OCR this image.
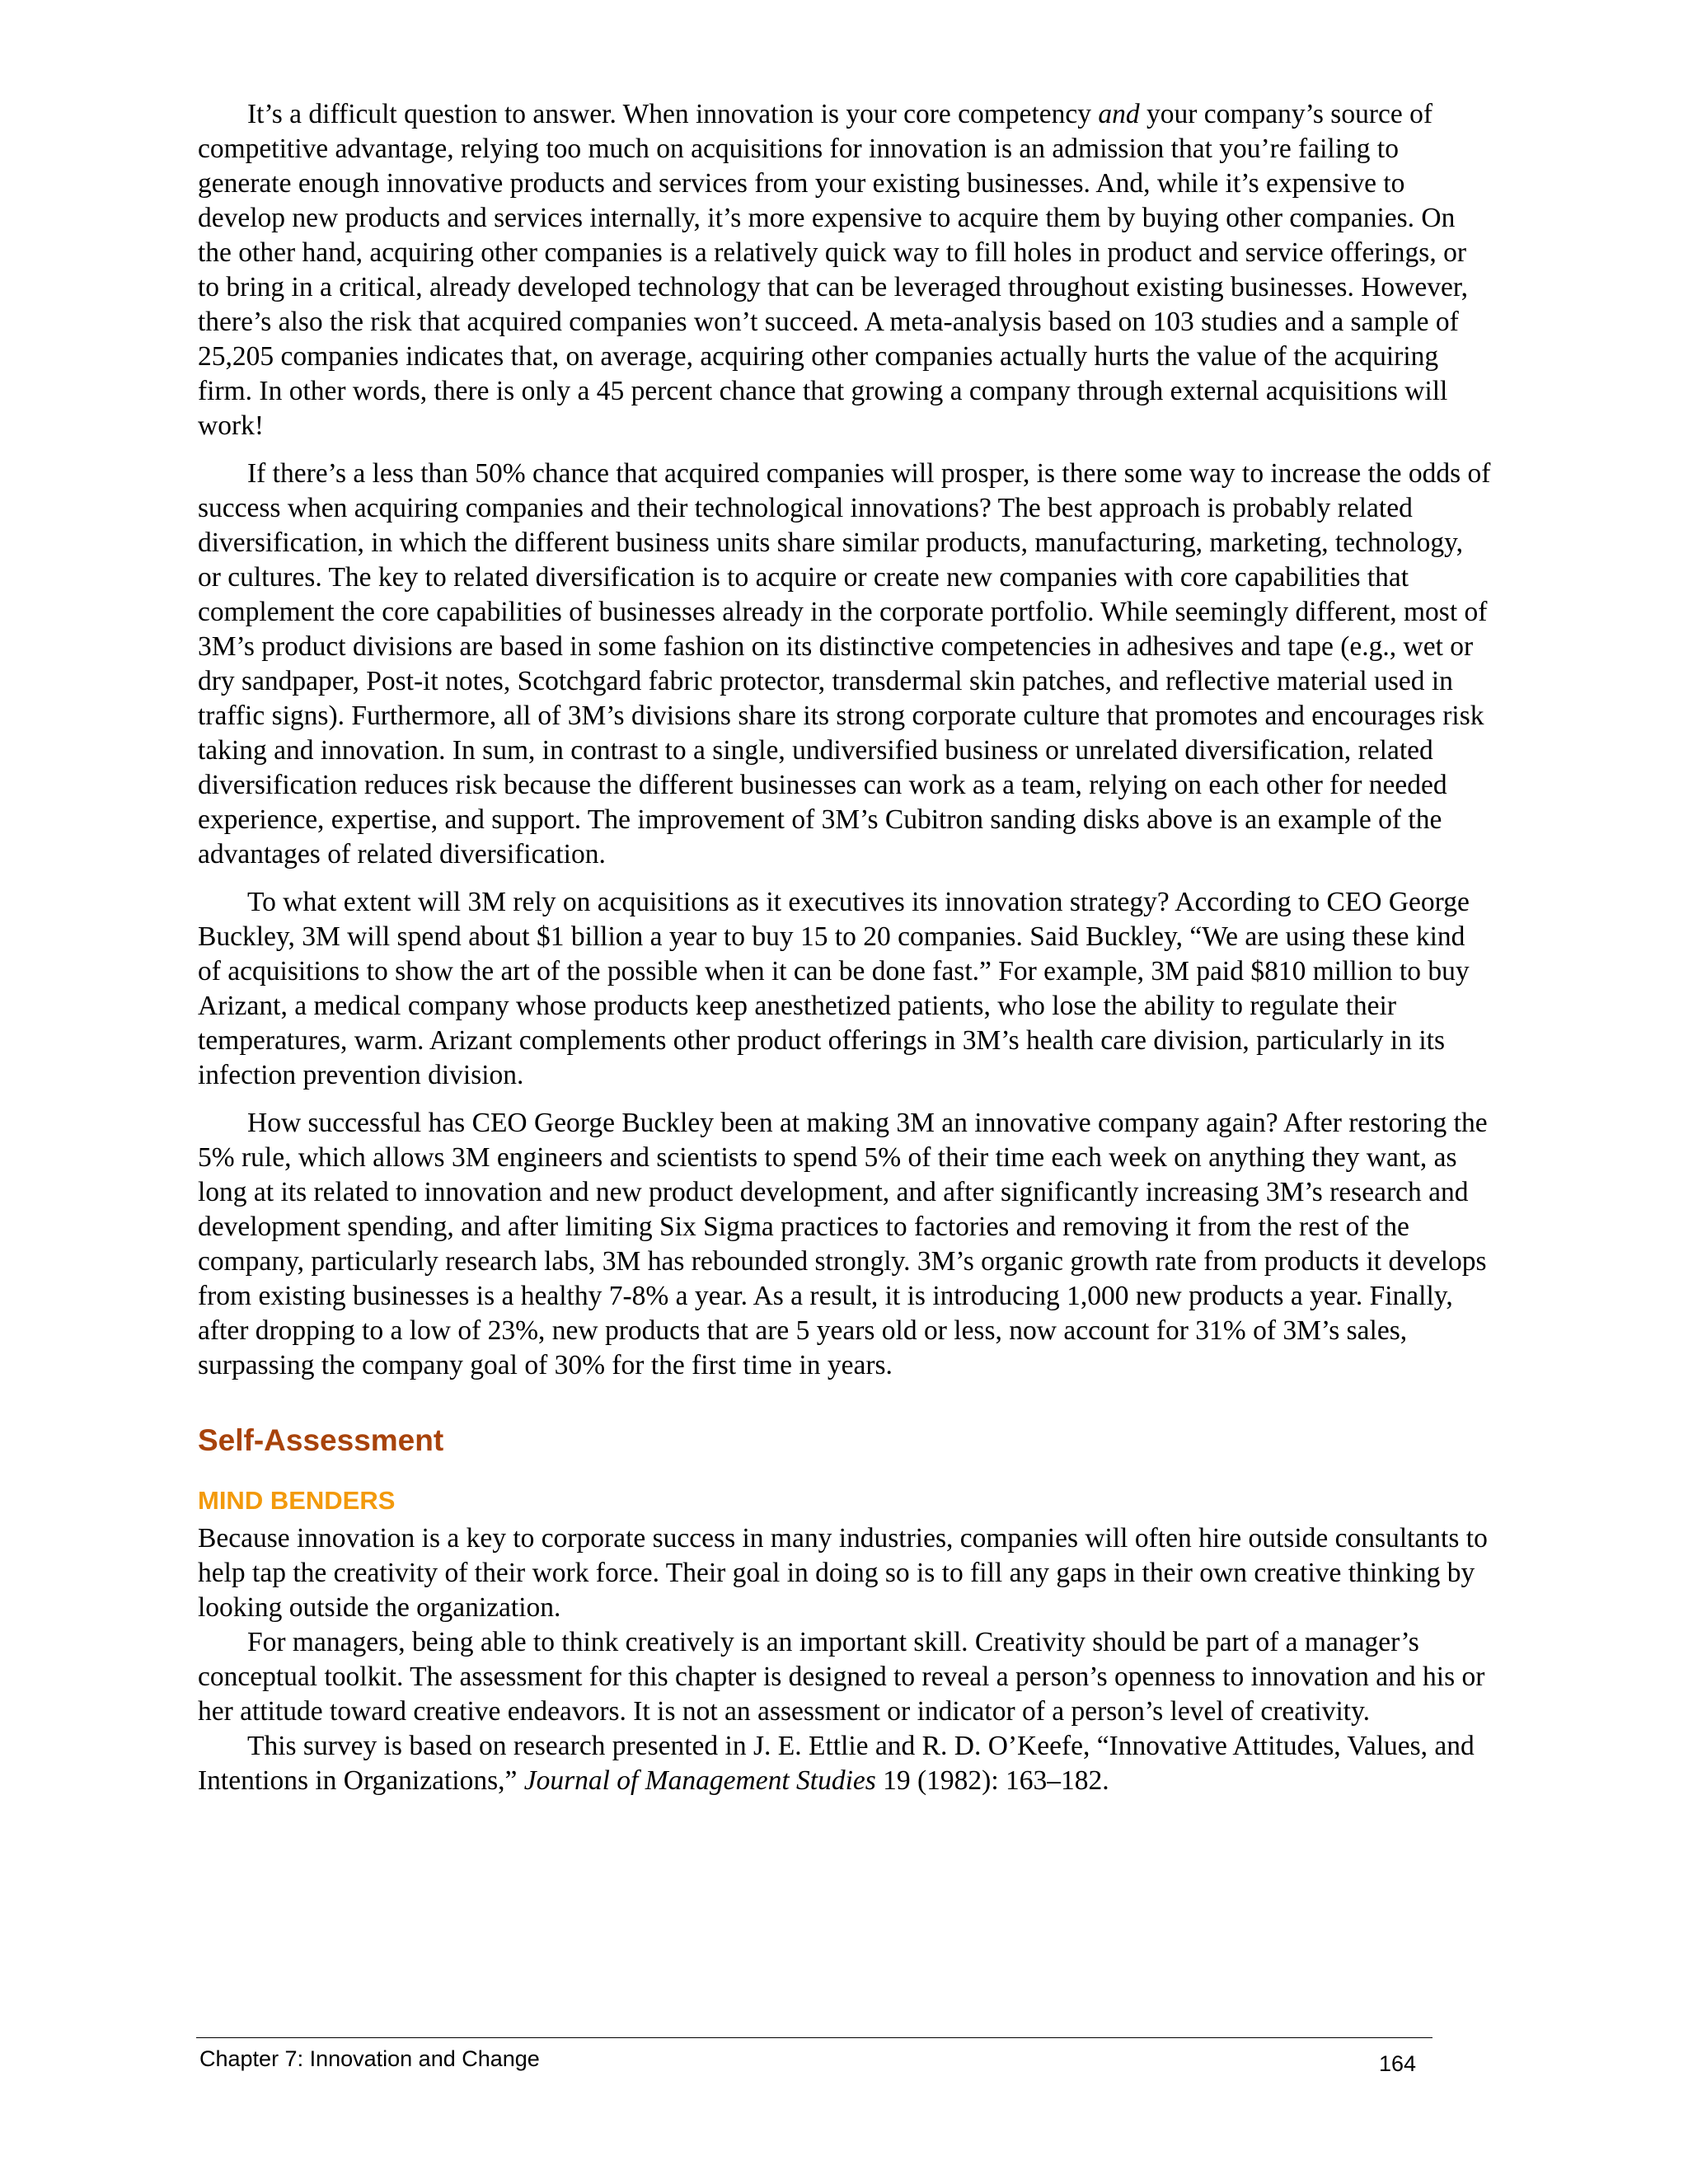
It’s a difficult question to answer. When innovation is your core competency and your company’s source of competitive advantage, relying too much on acquisitions for innovation is an admission that you’re failing to generate enough innovative products and services from your existing businesses. And, while it’s expensive to develop new products and services internally, it’s more expensive to acquire them by buying other companies. On the other hand, acquiring other companies is a relatively quick way to fill holes in product and service offerings, or to bring in a critical, already developed technology that can be leveraged throughout existing businesses. However, there’s also the risk that acquired companies won’t succeed. A meta-analysis based on 103 studies and a sample of 25,205 companies indicates that, on average, acquiring other companies actually hurts the value of the acquiring firm. In other words, there is only a 45 percent chance that growing a company through external acquisitions will work!

If there’s a less than 50% chance that acquired companies will prosper, is there some way to increase the odds of success when acquiring companies and their technological innovations? The best approach is probably related diversification, in which the different business units share similar products, manufacturing, marketing, technology, or cultures. The key to related diversification is to acquire or create new companies with core capabilities that complement the core capabilities of businesses already in the corporate portfolio. While seemingly different, most of 3M’s product divisions are based in some fashion on its distinctive competencies in adhesives and tape (e.g., wet or dry sandpaper, Post-it notes, Scotchgard fabric protector, transdermal skin patches, and reflective material used in traffic signs). Furthermore, all of 3M’s divisions share its strong corporate culture that promotes and encourages risk taking and innovation. In sum, in contrast to a single, undiversified business or unrelated diversification, related diversification reduces risk because the different businesses can work as a team, relying on each other for needed experience, expertise, and support. The improvement of 3M’s Cubitron sanding disks above is an example of the advantages of related diversification.

To what extent will 3M rely on acquisitions as it executives its innovation strategy? According to CEO George Buckley, 3M will spend about $1 billion a year to buy 15 to 20 companies. Said Buckley, “We are using these kind of acquisitions to show the art of the possible when it can be done fast.” For example, 3M paid $810 million to buy Arizant, a medical company whose products keep anesthetized patients, who lose the ability to regulate their temperatures, warm. Arizant complements other product offerings in 3M’s health care division, particularly in its infection prevention division.

How successful has CEO George Buckley been at making 3M an innovative company again? After restoring the 5% rule, which allows 3M engineers and scientists to spend 5% of their time each week on anything they want, as long at its related to innovation and new product development, and after significantly increasing 3M’s research and development spending, and after limiting Six Sigma practices to factories and removing it from the rest of the company, particularly research labs, 3M has rebounded strongly. 3M’s organic growth rate from products it develops from existing businesses is a healthy 7-8% a year. As a result, it is introducing 1,000 new products a year. Finally, after dropping to a low of 23%, new products that are 5 years old or less, now account for 31% of 3M’s sales, surpassing the company goal of 30% for the first time in years.

Self-Assessment
MIND BENDERS

Because innovation is a key to corporate success in many industries, companies will often hire outside consultants to help tap the creativity of their work force. Their goal in doing so is to fill any gaps in their own creative thinking by looking outside the organization.

For managers, being able to think creatively is an important skill. Creativity should be part of a manager’s conceptual toolkit. The assessment for this chapter is designed to reveal a person’s openness to innovation and his or her attitude toward creative endeavors. It is not an assessment or indicator of a person’s level of creativity.

This survey is based on research presented in J. E. Ettlie and R. D. O’Keefe, “Innovative Attitudes, Values, and Intentions in Organizations,” Journal of Management Studies 19 (1982): 163–182.

Chapter 7: Innovation and Change	164
